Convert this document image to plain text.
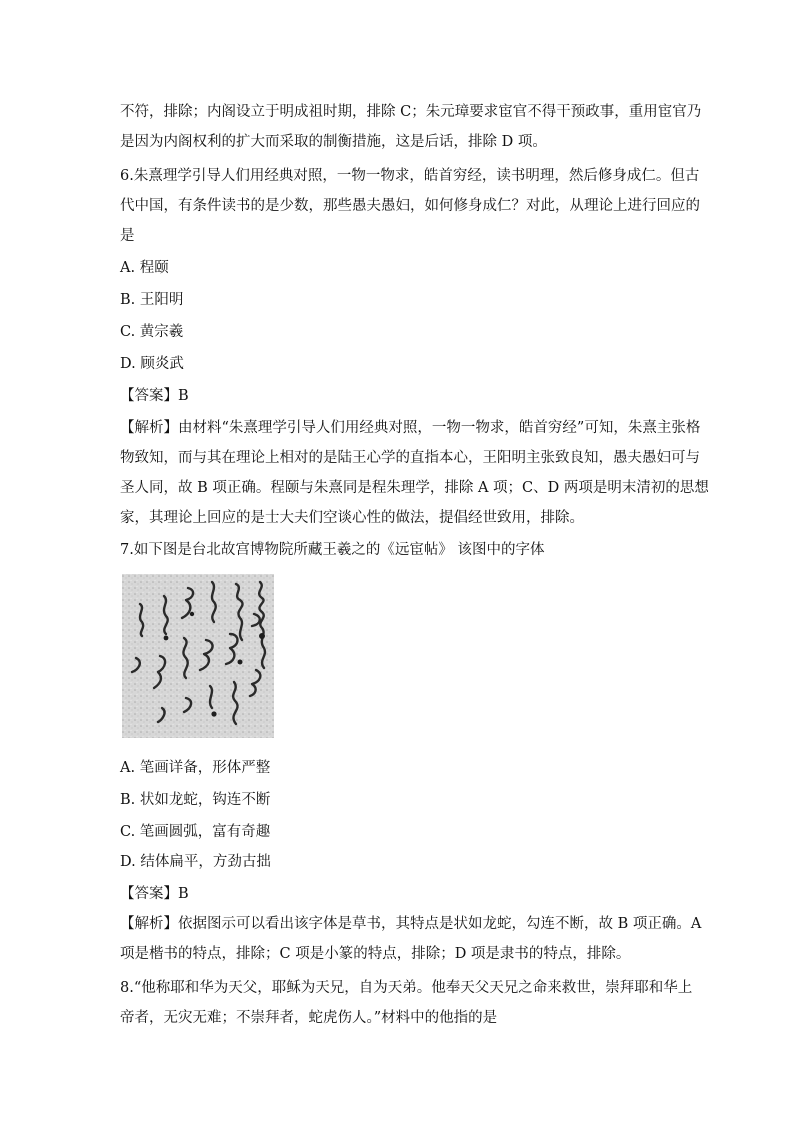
不符，排除；内阁设立于明成祖时期，排除 C；朱元璋要求宦官不得干预政事，重用宦官乃
是因为内阁权利的扩大而采取的制衡措施，这是后话，排除 D 项。
6.朱熹理学引导人们用经典对照，一物一物求，皓首穷经，读书明理，然后修身成仁。但古
代中国，有条件读书的是少数，那些愚夫愚妇，如何修身成仁？对此，从理论上进行回应的
是
A. 程颐
B. 王阳明
C. 黄宗羲
D. 顾炎武
【答案】B
【解析】由材料“朱熹理学引导人们用经典对照，一物一物求，皓首穷经”可知，朱熹主张格
物致知，而与其在理论上相对的是陆王心学的直指本心，王阳明主张致良知，愚夫愚妇可与
圣人同，故 B 项正确。程颐与朱熹同是程朱理学，排除 A 项；C、D 两项是明末清初的思想
家，其理论上回应的是士大夫们空谈心性的做法，提倡经世致用，排除。
7.如下图是台北故宫博物院所藏王羲之的《远宦帖》 该图中的字体
A. 笔画详备，形体严整
B. 状如龙蛇，钩连不断
C. 笔画圆弧，富有奇趣
D. 结体扁平，方劲古拙
【答案】B
【解析】依据图示可以看出该字体是草书，其特点是状如龙蛇，勾连不断，故 B 项正确。A
项是楷书的特点，排除；C 项是小篆的特点，排除；D 项是隶书的特点，排除。
8.“他称耶和华为天父，耶稣为天兄，自为天弟。他奉天父天兄之命来救世，崇拜耶和华上
帝者，无灾无难；不崇拜者，蛇虎伤人。”材料中的他指的是
